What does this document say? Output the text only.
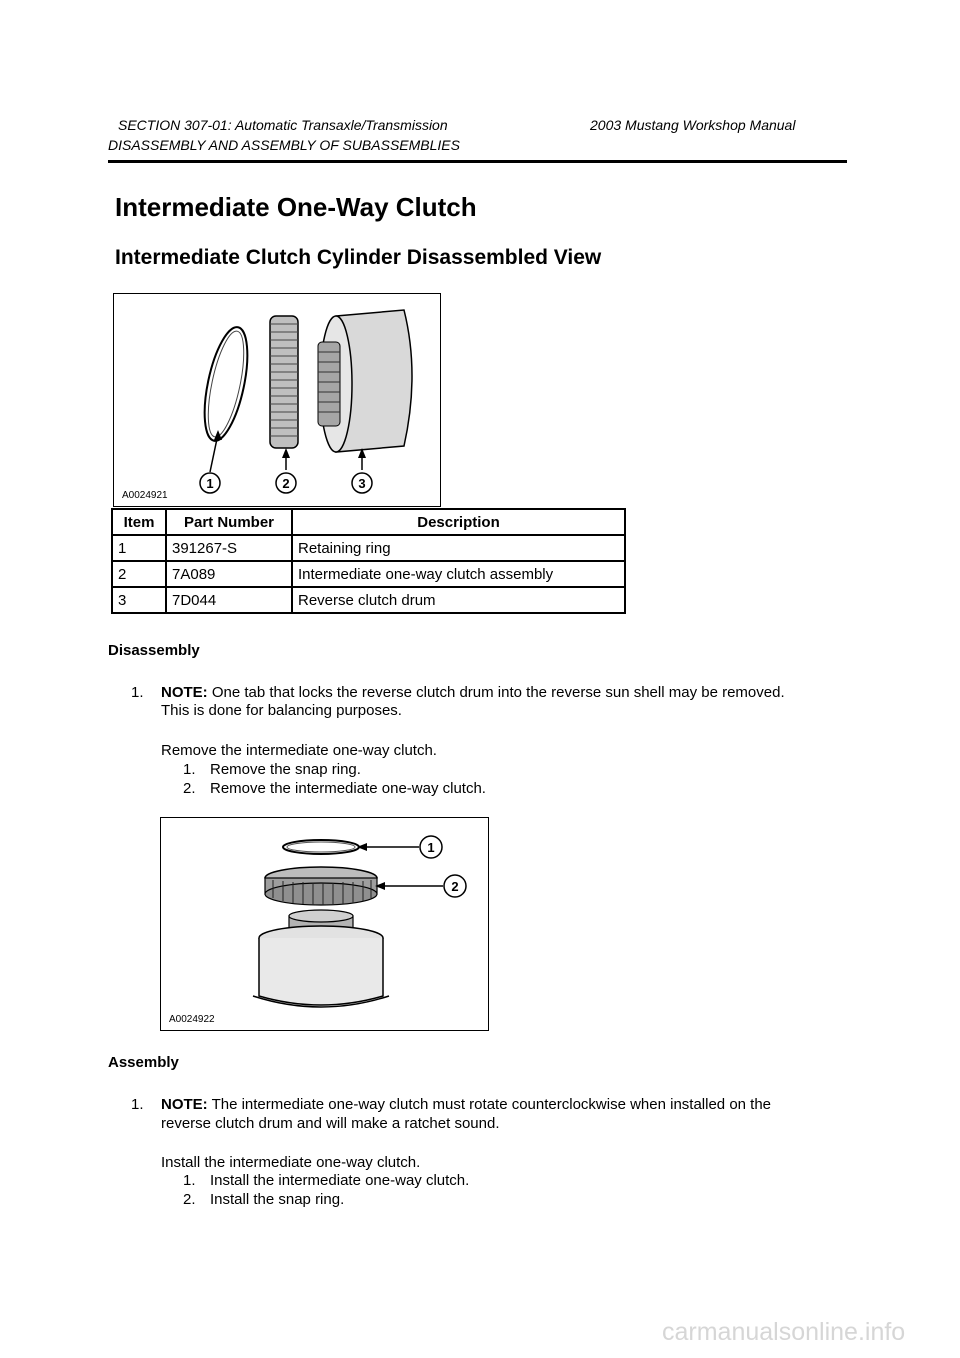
SECTION 307-01: Automatic Transaxle/Transmission	2003 Mustang Workshop Manual
DISASSEMBLY AND ASSEMBLY OF SUBASSEMBLIES
Intermediate One-Way Clutch
Intermediate Clutch Cylinder Disassembled View
1	2	3
A0024921
Item	Part Number	Description
1	391267-S	Retaining ring
2	7A089	Intermediate one-way clutch assembly
3	7D044	Reverse clutch drum
Disassembly
1. NOTE: One tab that locks the reverse clutch drum into the reverse sun shell may be removed.
This is done for balancing purposes.
Remove the intermediate one-way clutch.
1. Remove the snap ring.
2. Remove the intermediate one-way clutch.
1
2
A0024922
Assembly
1. NOTE: The intermediate one-way clutch must rotate counterclockwise when installed on the
reverse clutch drum and will make a ratchet sound.
Install the intermediate one-way clutch.
1. Install the intermediate one-way clutch.
2. Install the snap ring.
carmanualsonline.info
